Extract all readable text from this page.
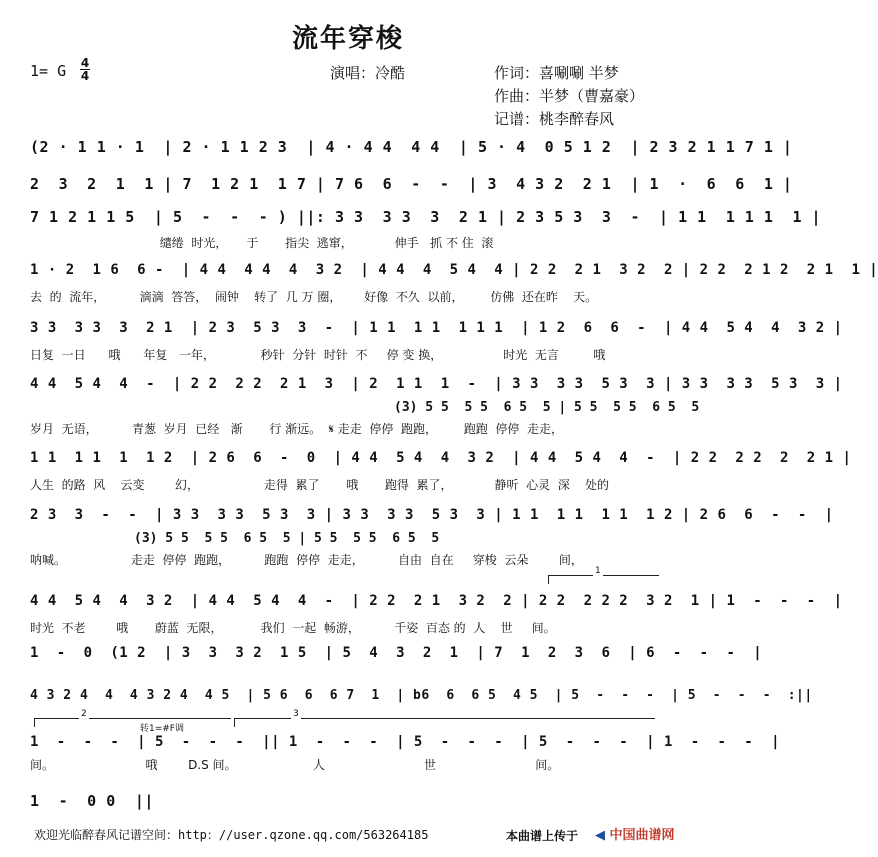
流年穿梭
1= G 4
4	演唱：冷酷	作词：喜唰唰 半梦
作曲：半梦（曹嘉豪）
记谱：桃李醉春风
(2 · 1 1 · 1  | 2 · 1 1 2 3  | 4 · 4 4  4 4  | 5 · 4  0 5 1 2  | 2 3 2 1 1 7 1 |
2  3  2  1  1 | 7  1 2 1  1 7 | 7 6  6  -  -  | 3  4 3 2  2 1  | 1  ·  6  6  1 |
7 1 2 1 1 5  | 5  -  -  - ) ||: 3 3  3 3  3  2 1 | 2 3 5 3  3  -  | 1 1  1 1 1  1 |
缱绻  时光，     于       指尖  逃窜，           伸手   抓 不 住  滚
1 · 2  1 6  6 -  | 4 4  4 4  4  3 2  | 4 4  4  5 4  4 | 2 2  2 1  3 2  2 | 2 2  2 1 2  2 1  1 |
去  的  流年，         滴滴  答答，  闹钟    转了  几 万 圈，      好像  不久  以前，       仿佛  还在昨    天。
3 3  3 3  3  2 1  | 2 3  5 3  3  -  | 1 1  1 1  1 1 1  | 1 2  6  6  -  | 4 4  5 4  4  3 2 |
日复  一日      哦      年复   一年，            秒针  分针  时针  不     停 变 换，                时光  无言         哦
4 4  5 4  4  -  | 2 2  2 2  2 1  3  | 2  1 1  1  -  | 3 3  3 3  5 3  3 | 3 3  3 3  5 3  3 |
(3) 5 5  5 5  6 5  5 | 5 5  5 5  6 5  5
岁月  无语，         青葱  岁月  已经   渐       行 渐远。  𝄋 走走  停停  跑跑，       跑跑  停停  走走，
1 1  1 1  1  1 2  | 2 6  6  -  0  | 4 4  5 4  4  3 2  | 4 4  5 4  4  -  | 2 2  2 2  2  2 1 |
人生  的路  风    云变        幻，                 走得  累了       哦       跑得  累了，           静听  心灵  深    处的
2 3  3  -  -  | 3 3  3 3  5 3  3 | 3 3  3 3  5 3  3 | 1 1  1 1  1 1  1 2 | 2 6  6  -  -  |
(3) 5 5  5 5  6 5  5 | 5 5  5 5  6 5  5
呐喊。                 走走  停停  跑跑，         跑跑  停停  走走，         自由  自在     穿梭  云朵        间，
1
4 4  5 4  4  3 2  | 4 4  5 4  4  -  | 2 2  2 1  3 2  2 | 2 2  2 2 2  3 2  1 | 1  -  -  -  |
时光  不老        哦       蔚蓝  无限，          我们  一起  畅游，         千姿  百态 的  人    世     间。
1  -  0  (1 2  | 3  3  3 2  1 5  | 5  4  3  2  1  | 7  1  2  3  6  | 6  -  -  -  |
4 3 2 4  4  4 3 2 4  4 5  | 5 6  6  6 7  1  | b6  6  6 5  4 5  | 5  -  -  -  | 5  -  -  -  :||
2	3
转1=#F调
1  -  -  -  | 5  -  -  -  || 1  -  -  -  | 5  -  -  -  | 5  -  -  -  | 1  -  -  -  |
间。                        哦        D.S 间。                    人                          世                          间。
1  -  0 0  ||
欢迎光临醉春风记谱空间：http：//user.qzone.qq.com/563264185	本曲谱上传于 ◀ 中国曲谱网
